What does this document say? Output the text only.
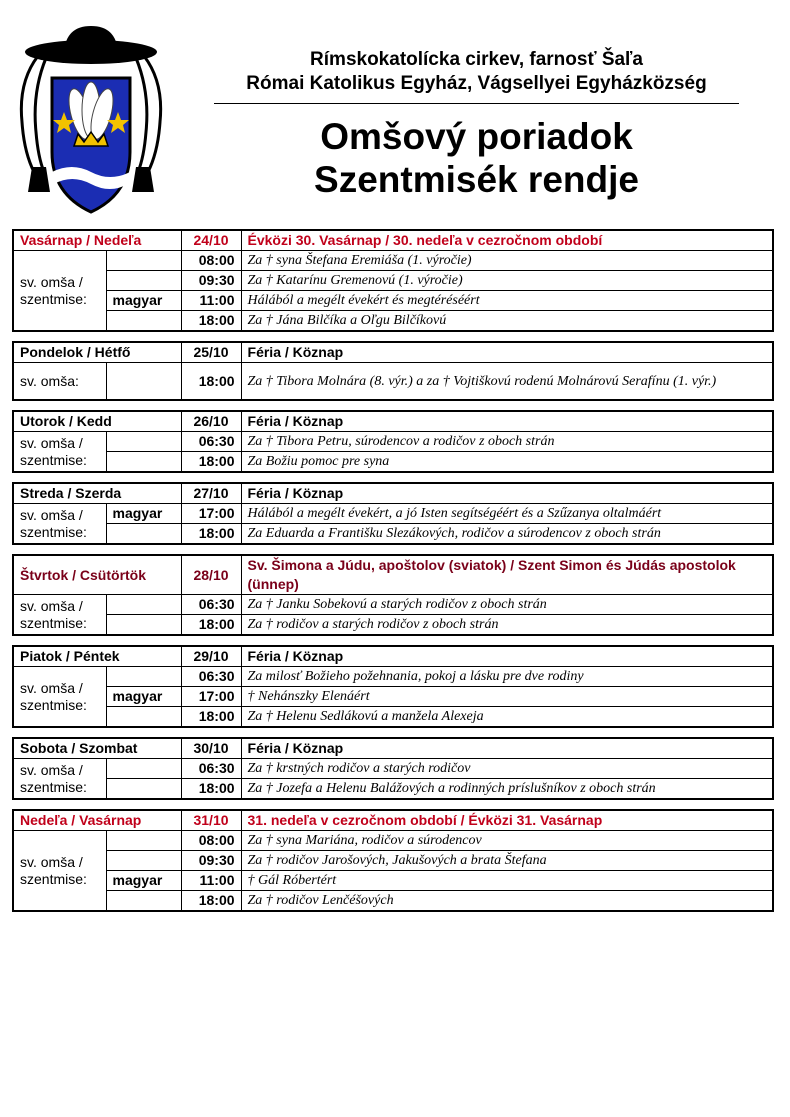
Rímskokatolícka cirkev, farnosť Šaľa
Római Katolikus Egyház, Vágsellyei Egyházközség
Omšový poriadok
Szentmisék rendje
Vasárnap / Nedeľa		24/10	Évközi 30. Vasárnap / 30. nedeľa v cezročnom období
sv. omša / szentmise:		08:00	Za † syna Štefana Eremiáša (1. výročie)
		09:30	Za † Katarínu Gremenovú (1. výročie)
	magyar	11:00	Hálából a megélt évekért és megtéréséért
		18:00	Za † Jána Bilčíka a Oľgu Bilčíkovú
Pondelok / Hétfő		25/10	Féria / Köznap
sv. omša:		18:00	Za † Tibora Molnára (8. výr.) a za † Vojtiškovú rodenú Molnárovú Serafínu (1. výr.)
Utorok / Kedd		26/10	Féria / Köznap
sv. omša / szentmise:		06:30	Za † Tibora Petru, súrodencov a rodičov z oboch strán
		18:00	Za Božiu pomoc pre syna
Streda / Szerda		27/10	Féria / Köznap
sv. omša / szentmise:	magyar	17:00	Hálából a megélt évekért, a jó Isten segítségéért és a Szűzanya oltalmáért
		18:00	Za Eduarda a Františku Slezákových, rodičov a súrodencov z oboch strán
Štvrtok / Csütörtök		28/10	Sv. Šimona a Júdu, apoštolov (sviatok) / Szent Simon és Júdás apostolok (ünnep)
sv. omša / szentmise:		06:30	Za † Janku Sobekovú a starých rodičov z oboch strán
		18:00	Za † rodičov a starých rodičov z oboch strán
Piatok / Péntek		29/10	Féria / Köznap
sv. omša / szentmise:		06:30	Za milosť Božieho požehnania, pokoj a lásku pre dve rodiny
	magyar	17:00	† Nehánszky Elenáért
		18:00	Za † Helenu Sedlákovú a manžela Alexeja
Sobota / Szombat		30/10	Féria / Köznap
sv. omša / szentmise:		06:30	Za † krstných rodičov a starých rodičov
		18:00	Za † Jozefa a Helenu Balážových a rodinných príslušníkov z oboch strán
Nedeľa / Vasárnap		31/10	31. nedeľa v cezročnom období / Évközi 31. Vasárnap
sv. omša / szentmise:		08:00	Za † syna Mariána, rodičov a súrodencov
		09:30	Za † rodičov Jarošových, Jakušových a brata Štefana
	magyar	11:00	† Gál Róbertért
		18:00	Za † rodičov Lenčéšových
